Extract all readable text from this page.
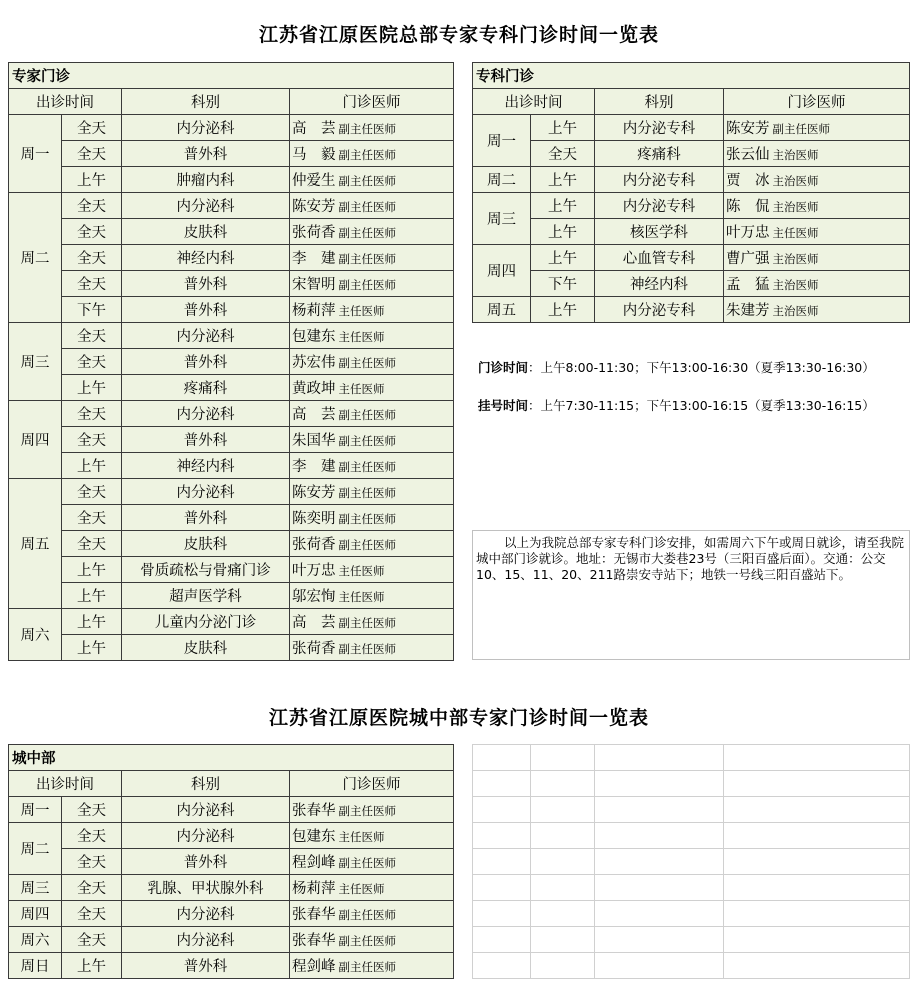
江苏省江原医院总部专家专科门诊时间一览表
专家门诊			
出诊时间		科别	门诊医师
周一	全天	内分泌科	高　芸 副主任医师
	全天	普外科	马　毅 副主任医师
	上午	肿瘤内科	仲爱生 副主任医师
周二	全天	内分泌科	陈安芳 副主任医师
	全天	皮肤科	张荷香 副主任医师
	全天	神经内科	李　建 副主任医师
	全天	普外科	宋智明 副主任医师
	下午	普外科	杨莉萍 主任医师
周三	全天	内分泌科	包建东 主任医师
	全天	普外科	苏宏伟 副主任医师
	上午	疼痛科	黄政坤 主任医师
周四	全天	内分泌科	高　芸 副主任医师
	全天	普外科	朱国华 副主任医师
	上午	神经内科	李　建 副主任医师
周五	全天	内分泌科	陈安芳 副主任医师
	全天	普外科	陈奕明 副主任医师
	全天	皮肤科	张荷香 副主任医师
	上午	骨质疏松与骨痛门诊	叶万忠 主任医师
	上午	超声医学科	邬宏恂 主任医师
周六	上午	儿童内分泌门诊	高　芸 副主任医师
	上午	皮肤科	张荷香 副主任医师
专科门诊			
出诊时间		科别	门诊医师
周一	上午	内分泌专科	陈安芳 副主任医师
	全天	疼痛科	张云仙 主治医师
周二	上午	内分泌专科	贾　冰 主治医师
周三	上午	内分泌专科	陈　侃 主治医师
	上午	核医学科	叶万忠 主任医师
周四	上午	心血管专科	曹广强 主治医师
	下午	神经内科	孟　猛 主治医师
周五	上午	内分泌专科	朱建芳 主治医师
门诊时间：上午8:00-11:30；下午13:00-16:30（夏季13:30-16:30）
挂号时间：上午7:30-11:15；下午13:00-16:15（夏季13:30-16:15）
以上为我院总部专家专科门诊安排，如需周六下午或周日就诊，请至我院城中部门诊就诊。地址：无锡市大娄巷23号（三阳百盛后面）。交通：公交10、15、11、20、211路崇安寺站下；地铁一号线三阳百盛站下。
江苏省江原医院城中部专家门诊时间一览表
城中部			
出诊时间		科别	门诊医师
周一	全天	内分泌科	张春华 副主任医师
周二	全天	内分泌科	包建东 主任医师
	全天	普外科	程剑峰 副主任医师
周三	全天	乳腺、甲状腺外科	杨莉萍 主任医师
周四	全天	内分泌科	张春华 副主任医师
周六	全天	内分泌科	张春华 副主任医师
周日	上午	普外科	程剑峰 副主任医师
